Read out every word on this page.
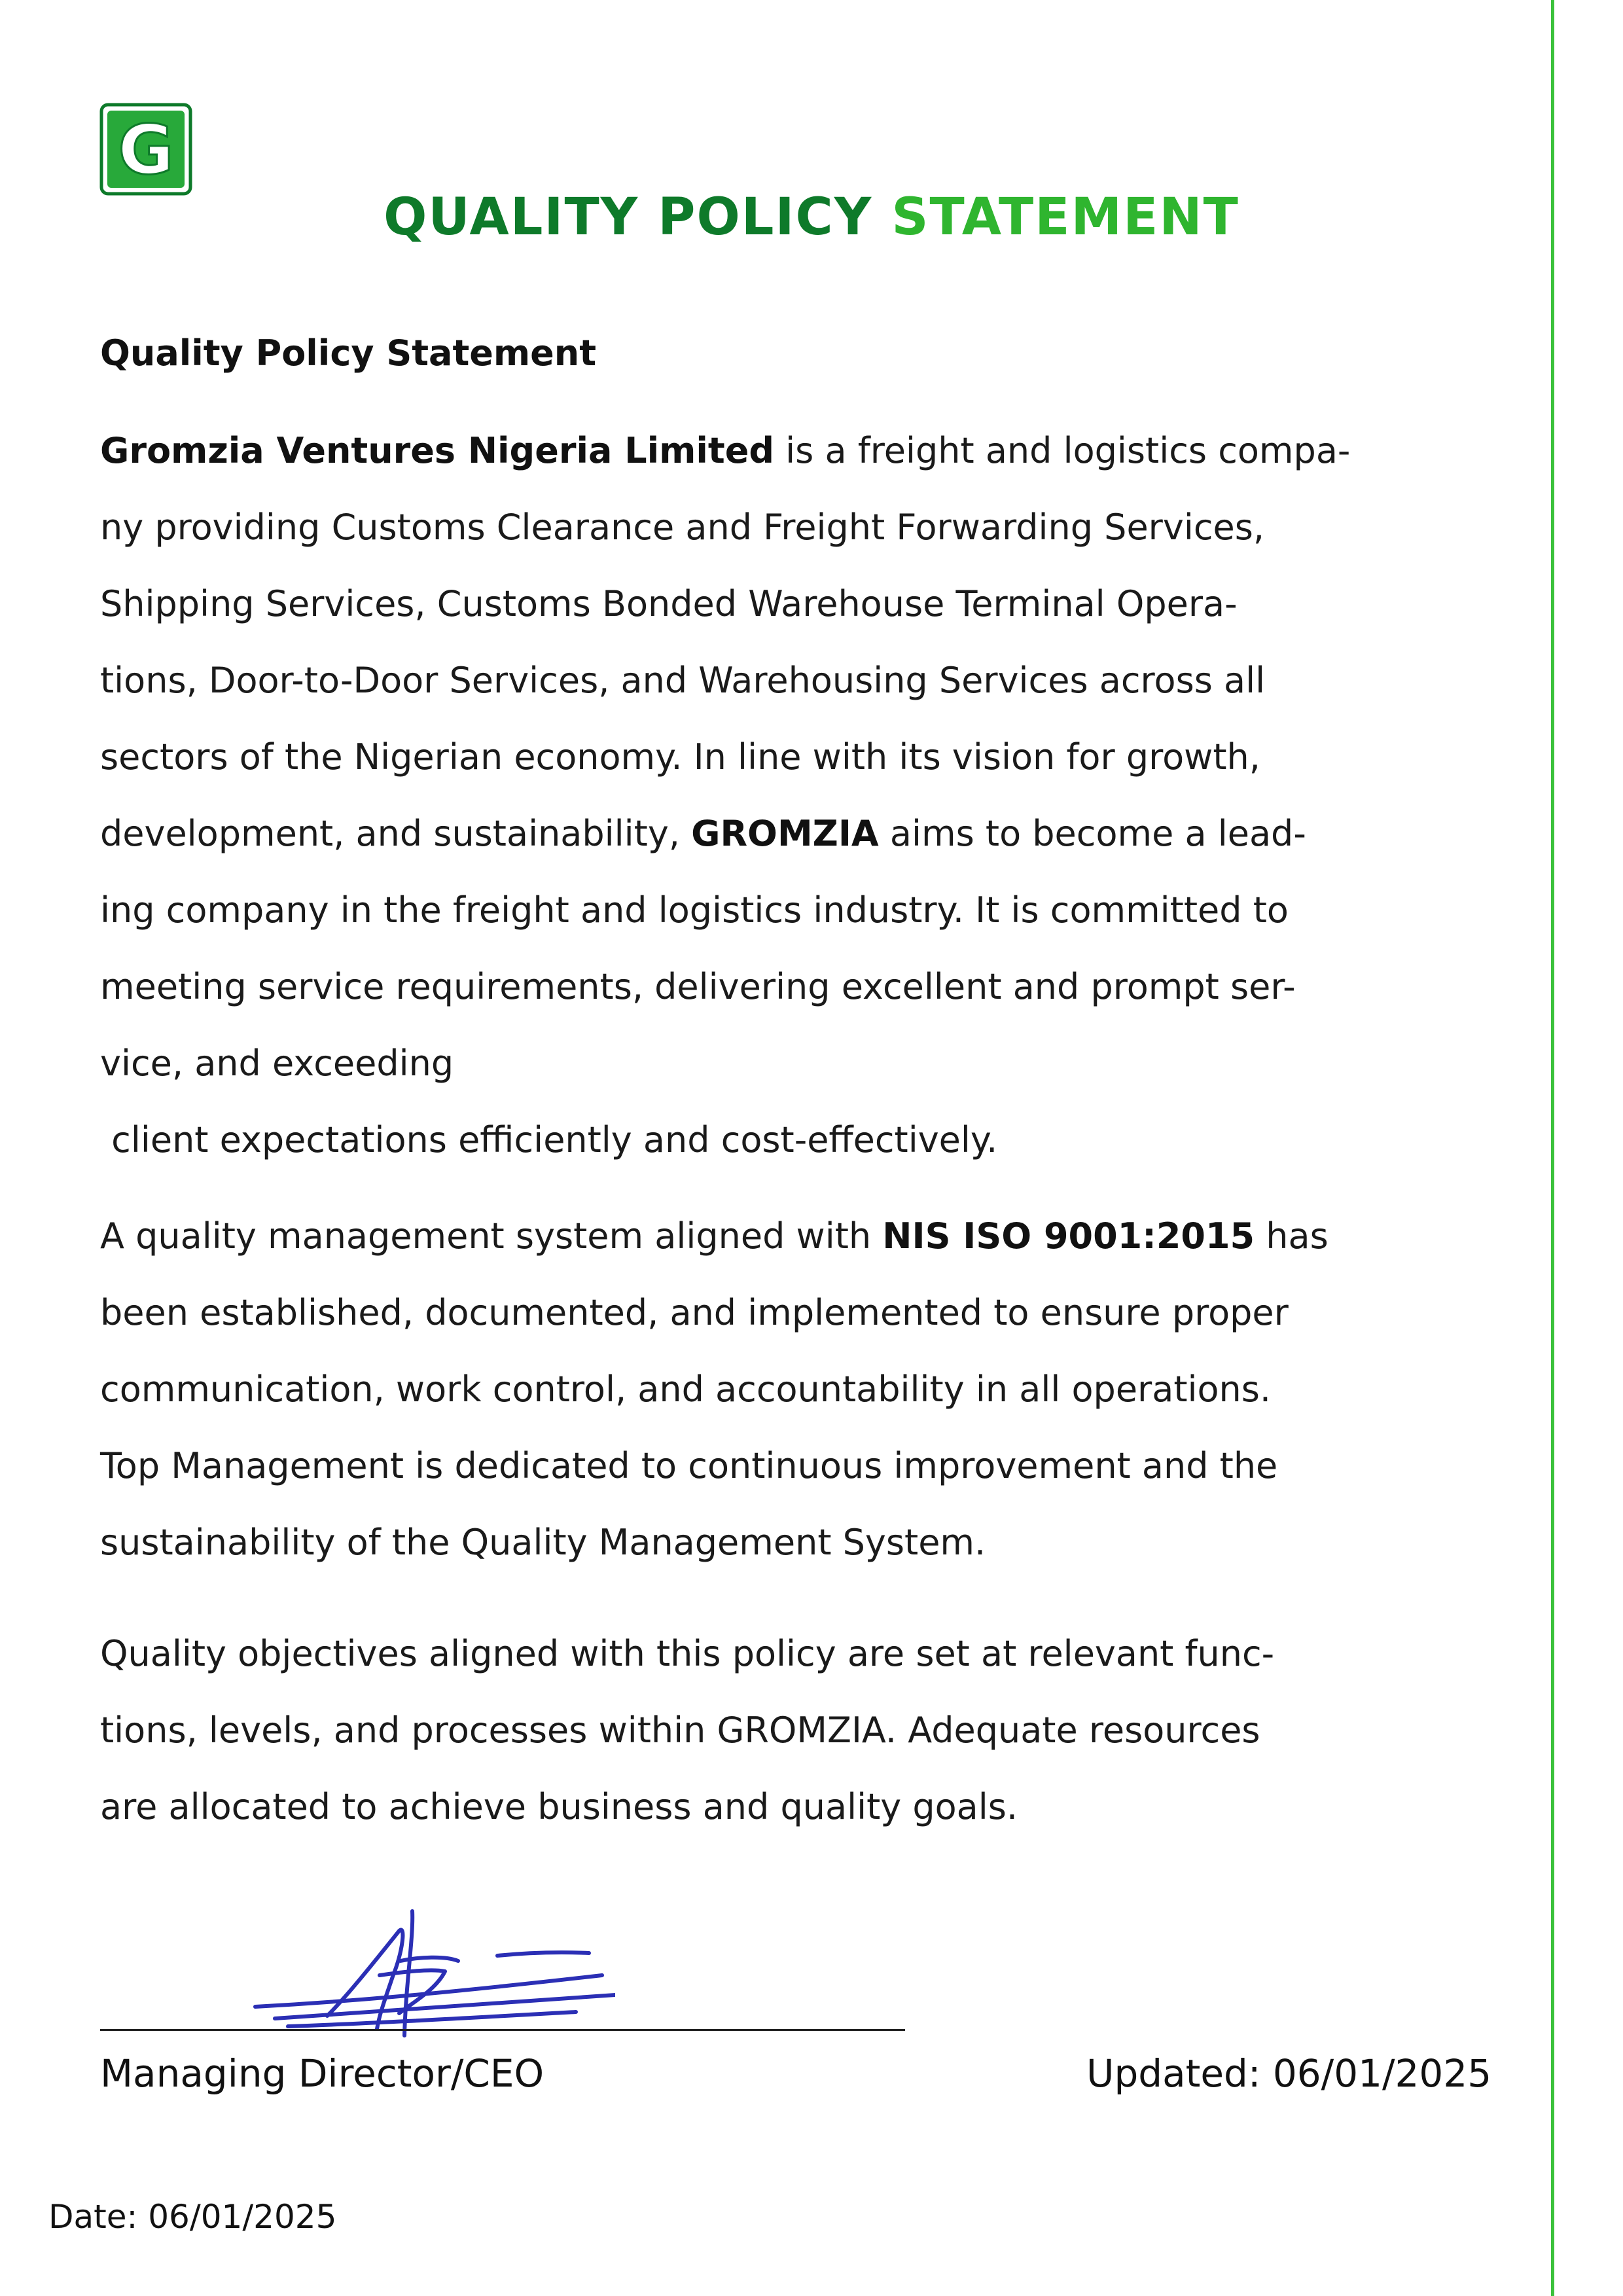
G
QUALITY POLICY STATEMENT
Quality Policy Statement
Gromzia Ventures Nigeria Limited is a freight and logistics compa-
ny providing Customs Clearance and Freight Forwarding Services,
Shipping Services, Customs Bonded Warehouse Terminal Opera-
tions, Door-to-Door Services, and Warehousing Services across all
sectors of the Nigerian economy. In line with its vision for growth,
development, and sustainability, GROMZIA aims to become a lead-
ing company in the freight and logistics industry. It is committed to
meeting service requirements, delivering excellent and prompt ser-
vice, and exceeding
client expectations efficiently and cost-effectively.
A quality management system aligned with NIS ISO 9001:2015 has
been established, documented, and implemented to ensure proper
communication, work control, and accountability in all operations.
Top Management is dedicated to continuous improvement and the
sustainability of the Quality Management System.
Quality objectives aligned with this policy are set at relevant func-
tions, levels, and processes within GROMZIA. Adequate resources
are allocated to achieve business and quality goals.
Managing Director/CEO	Updated: 06/01/2025
Date: 06/01/2025
